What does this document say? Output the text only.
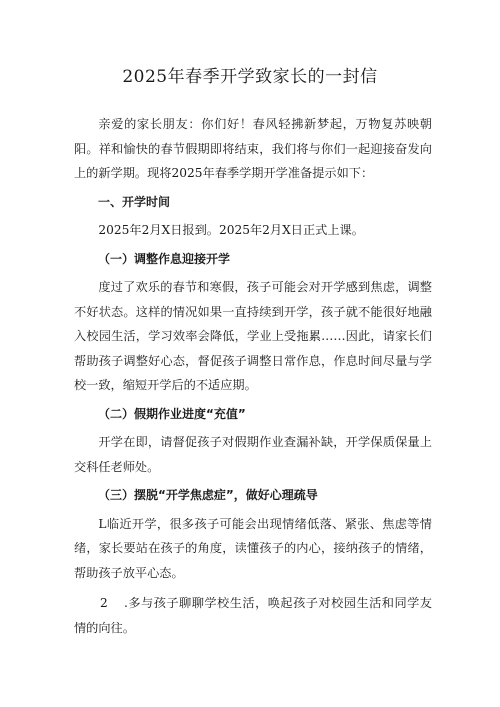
2025年春季开学致家长的一封信

亲爱的家长朋友：你们好！春风轻拂新梦起，万物复苏映朝阳。祥和愉快的春节假期即将结束，我们将与你们一起迎接奋发向上的新学期。现将2025年春季学期开学准备提示如下：

一、开学时间

2025年2月X日报到。2025年2月X日正式上课。

（一）调整作息迎接开学

度过了欢乐的春节和寒假，孩子可能会对开学感到焦虑，调整不好状态。这样的情况如果一直持续到开学，孩子就不能很好地融入校园生活，学习效率会降低，学业上受拖累……因此，请家长们帮助孩子调整好心态，督促孩子调整日常作息，作息时间尽量与学校一致，缩短开学后的不适应期。

（二）假期作业进度“充值”

开学在即，请督促孩子对假期作业查漏补缺，开学保质保量上交科任老师处。

（三）摆脱“开学焦虑症”，做好心理疏导

L临近开学，很多孩子可能会出现情绪低落、紧张、焦虑等情绪，家长要站在孩子的角度，读懂孩子的内心，接纳孩子的情绪，帮助孩子放平心态。

2 .多与孩子聊聊学校生活，唤起孩子对校园生活和同学友情的向往。
